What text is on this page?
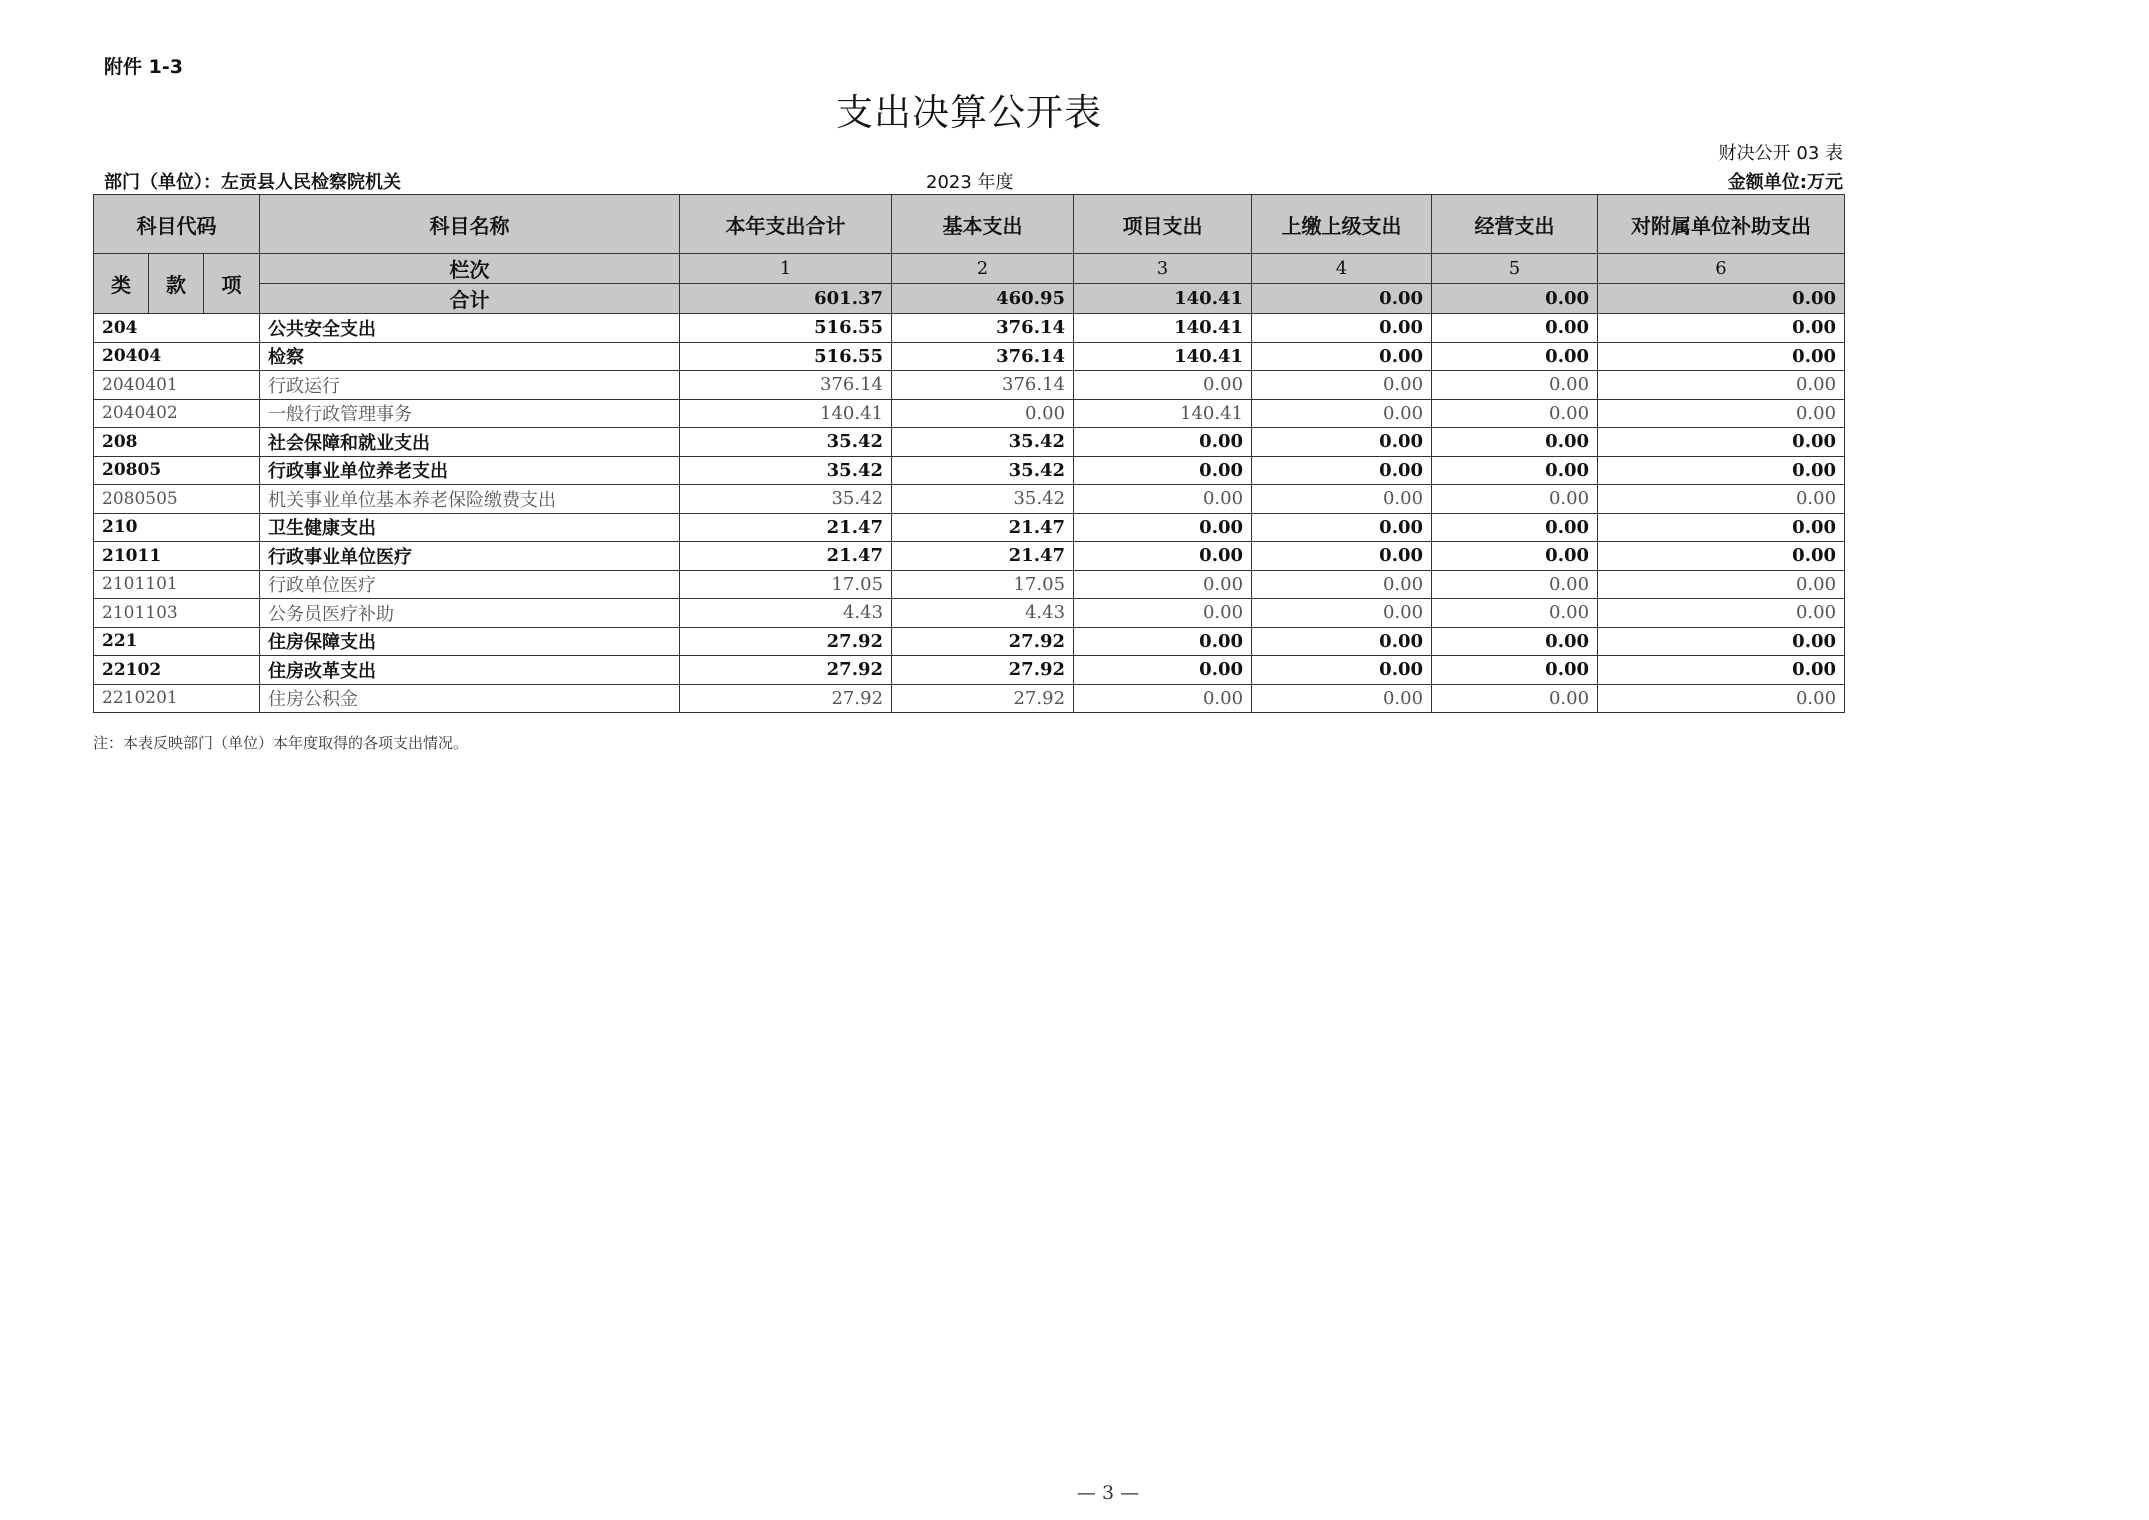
附件 1-3
支出决算公开表
财决公开 03 表
部门（单位）：左贡县人民检察院机关	2023 年度	金额单位:万元
科目代码			科目名称	本年支出合计	基本支出	项目支出	上缴上级支出	经营支出	对附属单位补助支出
类	款	项	栏次	1	2	3	4	5	6
			合计	601.37	460.95	140.41	0.00	0.00	0.00
204			公共安全支出	516.55	376.14	140.41	0.00	0.00	0.00
20404			检察	516.55	376.14	140.41	0.00	0.00	0.00
2040401			行政运行	376.14	376.14	0.00	0.00	0.00	0.00
2040402			一般行政管理事务	140.41	0.00	140.41	0.00	0.00	0.00
208			社会保障和就业支出	35.42	35.42	0.00	0.00	0.00	0.00
20805			行政事业单位养老支出	35.42	35.42	0.00	0.00	0.00	0.00
2080505			机关事业单位基本养老保险缴费支出	35.42	35.42	0.00	0.00	0.00	0.00
210			卫生健康支出	21.47	21.47	0.00	0.00	0.00	0.00
21011			行政事业单位医疗	21.47	21.47	0.00	0.00	0.00	0.00
2101101			行政单位医疗	17.05	17.05	0.00	0.00	0.00	0.00
2101103			公务员医疗补助	4.43	4.43	0.00	0.00	0.00	0.00
221			住房保障支出	27.92	27.92	0.00	0.00	0.00	0.00
22102			住房改革支出	27.92	27.92	0.00	0.00	0.00	0.00
2210201			住房公积金	27.92	27.92	0.00	0.00	0.00	0.00
注：本表反映部门（单位）本年度取得的各项支出情况。
— 3 —
